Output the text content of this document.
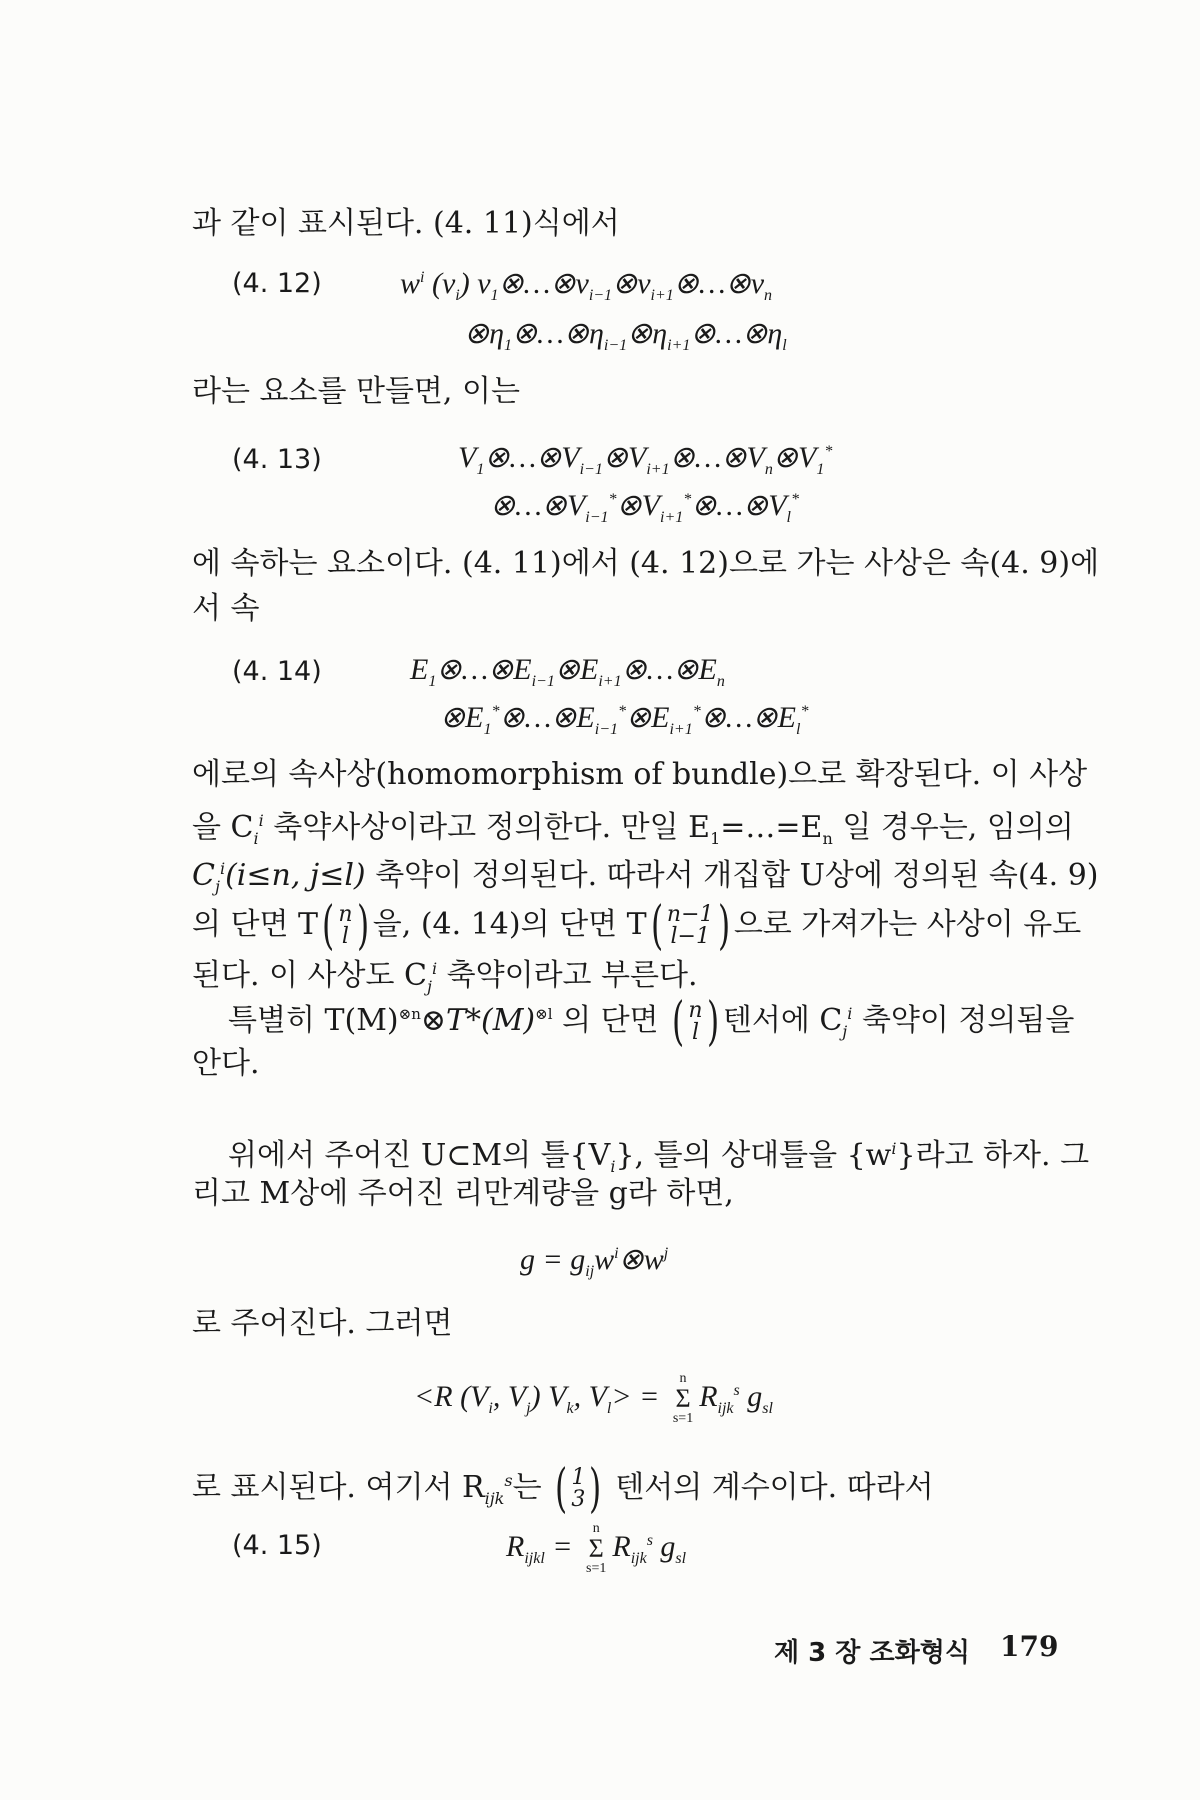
과 같이 표시된다. (4. 11)식에서
(4. 12)	$w^i$ $(v_i)$ $v_1\otimes\dots\otimes v_{i-1}\otimes v_{i+1}\otimes\dots\otimes v_n$
$\otimes\eta_1\otimes\dots\otimes\eta_{i-1}\otimes\eta_{i+1}\otimes\dots\otimes\eta_l$
라는 요소를 만들면, 이는
(4. 13)	$V_1\otimes\dots\otimes V_{i-1}\otimes V_{i+1}\otimes\dots\otimes V_n\otimes V_1^*$
$\otimes\dots\otimes V_{i-1}^*\otimes V_{i+1}^*\otimes\dots\otimes V_l^*$
에 속하는 요소이다. (4. 11)에서 (4. 12)으로 가는 사상은 속(4. 9)에
서 속
(4. 14)	$E_1\otimes\dots\otimes E_{i-1}\otimes E_{i+1}\otimes\dots\otimes E_n$
$\otimes E_1^*\otimes\dots\otimes E_{i-1}^*\otimes E_{i+1}^*\otimes\dots\otimes E_l^*$
에로의 속사상(homomorphism of bundle)으로 확장된다. 이 사상
을 $C_i^i$ 축약사상이라고 정의한다. 만일 $E_1=\dots=E_n$ 일 경우는, 임의의
$C_j^i(i\le n$, j≤l) 축약이 정의된다. 따라서 개집합 U상에 정의된 속(4. 9)
의 단면 T ( n
l ) 을, (4. 14)의 단면 T ( n−1
l−1 ) 으로 가져가는 사상이 유도
된다. 이 사상도 $C_j^i$ 축약이라고 부른다.
특별히 $T(M)^{\otimes n}\otimes T*(M)^{\otimes l}$ 의 단면 ( n
l ) 텐서에 $C_j^i$ 축약이 정의됨을
안다.
위에서 주어진 U⊂M의 틀$\{V_i\}$, 틀의 상대틀을 $\{w^i\}$라고 하자. 그
리고 M상에 주어진 리만계량을 g라 하면,
$g = g_{ij}w^i\otimes w^j$
로 주어진다. 그러면
<R ($V_i$, $V_j$) $V_k$, $V_l>$ =
n
Σ
s=1
$R_{ijk}^s$ $g_{sl}$
로 표시된다. 여기서 $R_{ijk}^s$는 ( 1
3 ) 텐서의 계수이다. 따라서
(4. 15)	$R_{ijkl}$ =
n
Σ
s=1
$R_{ijk}^s$ $g_{sl}$
제 3 장 조화형식 179
